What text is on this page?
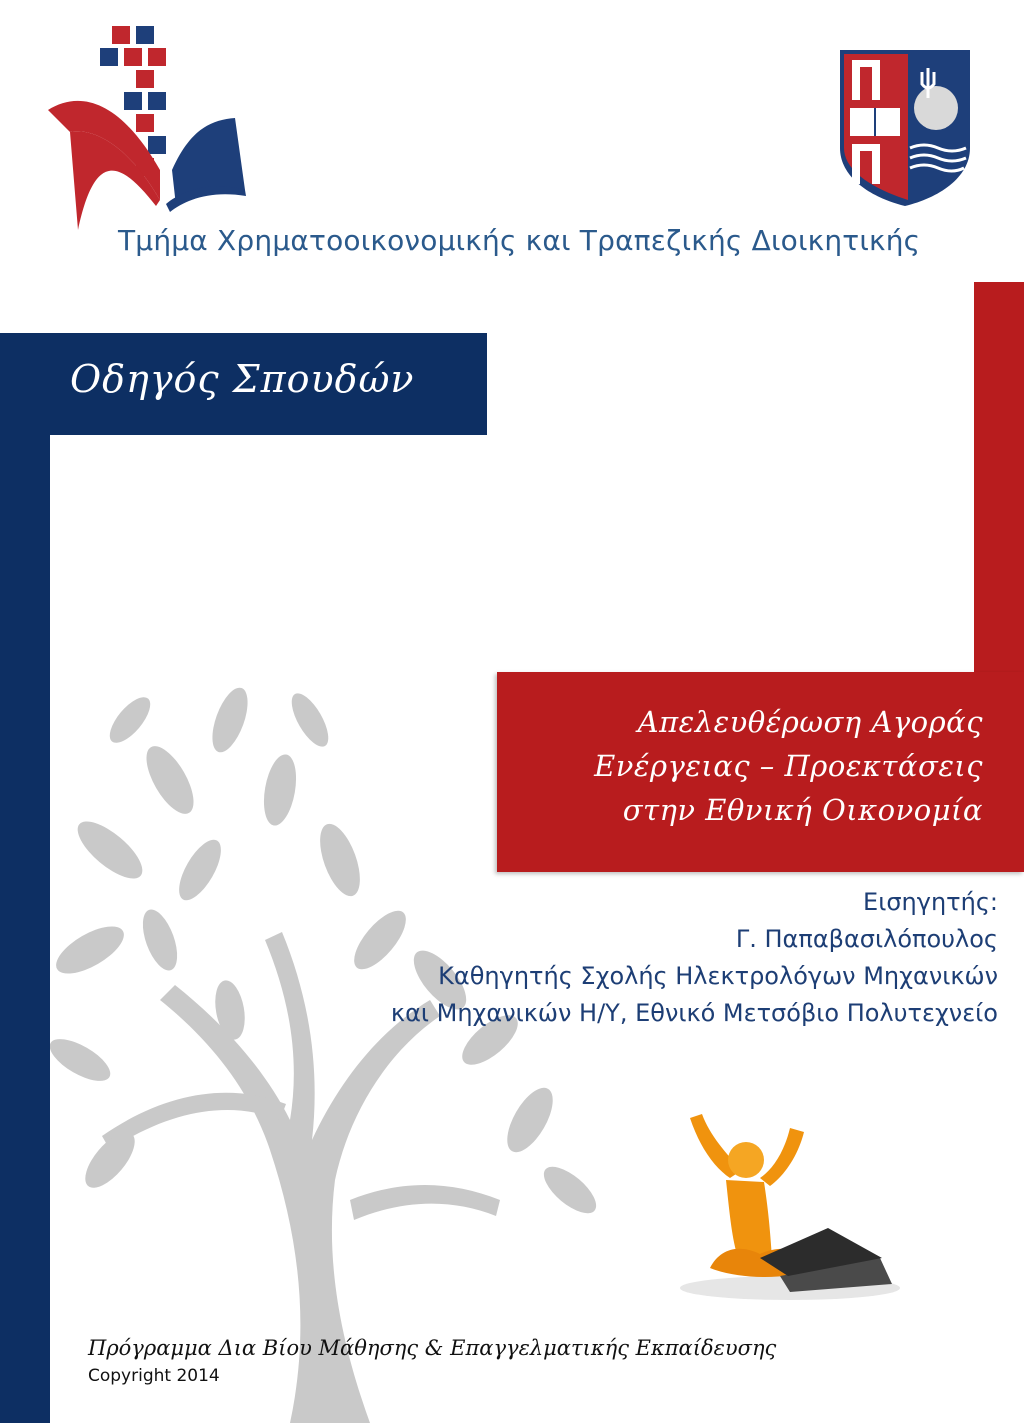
Τμήμα Χρηματοοικονομικής και Τραπεζικής Διοικητικής
Οδηγός Σπουδών
Απελευθέρωση Αγοράς
Ενέργειας – Προεκτάσεις
στην Εθνική Οικονομία
Εισηγητής:
Γ. Παπαβασιλόπουλος
Καθηγητής Σχολής Ηλεκτρολόγων Μηχανικών
και Μηχανικών Η/Υ, Εθνικό Μετσόβιο Πολυτεχνείο
Πρόγραμμα Δια Βίου Μάθησης & Επαγγελματικής Εκπαίδευσης
Copyright 2014
